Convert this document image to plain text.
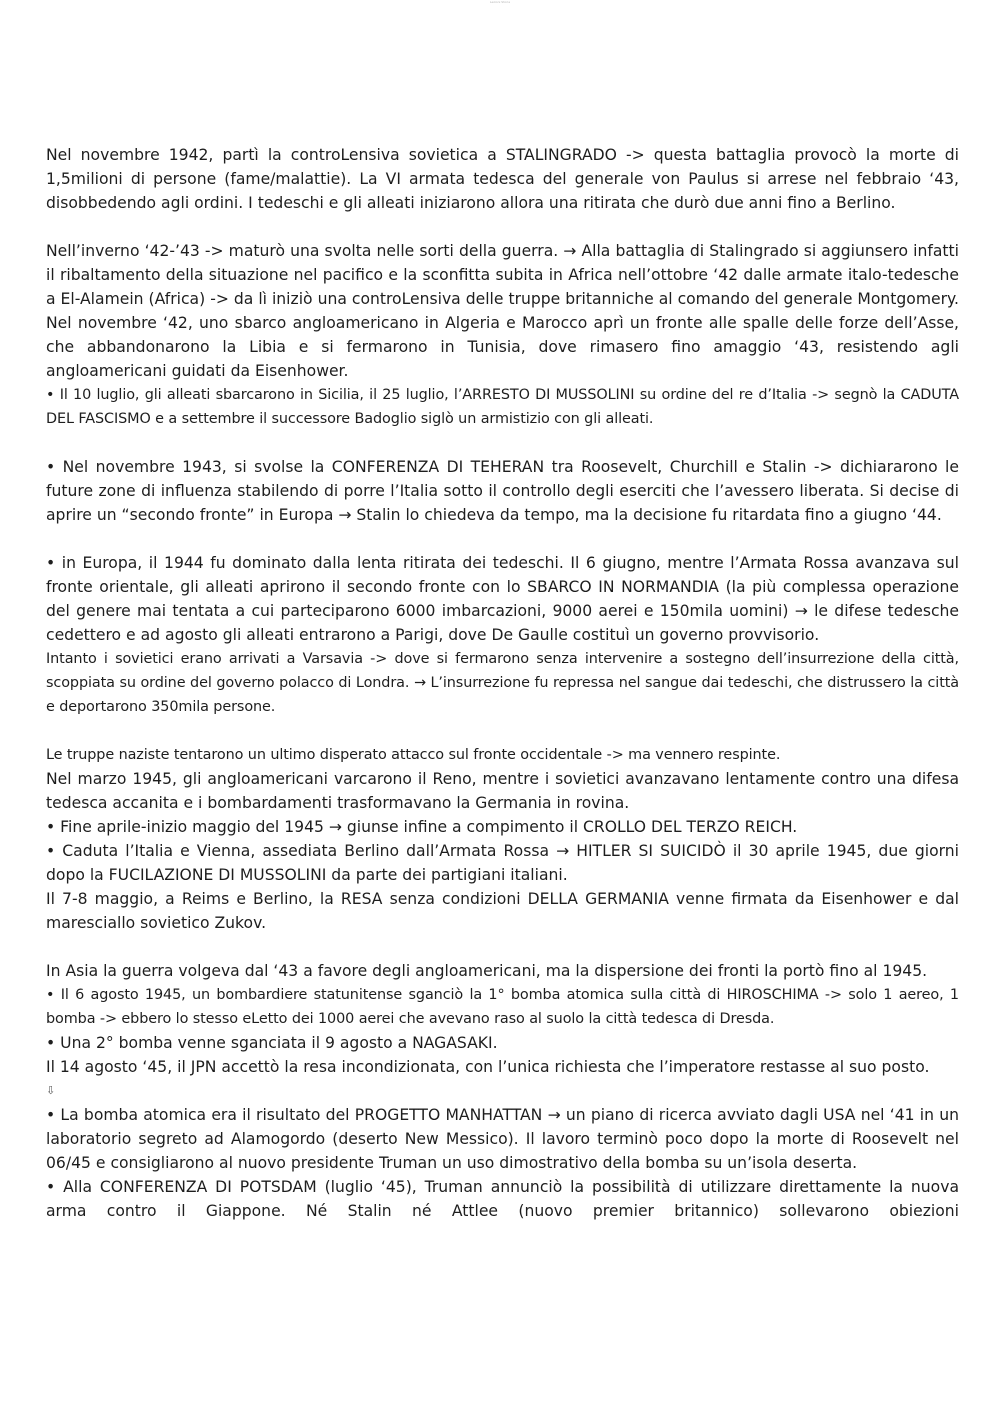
Lezioni Storia

Nel novembre 1942, partì la controLensiva sovietica a STALINGRADO -> questa battaglia provocò la morte di 1,5milioni di persone (fame/malattie). La VI armata tedesca del generale von Paulus si arrese nel febbraio ‘43, disobbedendo agli ordini. I tedeschi e gli alleati iniziarono allora una ritirata che durò due anni fino a Berlino.

Nell’inverno ‘42-’43 -> maturò una svolta nelle sorti della guerra. → Alla battaglia di Stalingrado si aggiunsero infatti il ribaltamento della situazione nel pacifico e la sconfitta subita in Africa nell’ottobre ‘42 dalle armate italo-tedesche a El-Alamein (Africa) -> da lì iniziò una controLensiva delle truppe britanniche al comando del generale Montgomery. Nel novembre ‘42, uno sbarco angloamericano in Algeria e Marocco aprì un fronte alle spalle delle forze dell’Asse, che abbandonarono la Libia e si fermarono in Tunisia, dove rimasero fino amaggio ‘43, resistendo agli angloamericani guidati da Eisenhower.

• Il 10 luglio, gli alleati sbarcarono in Sicilia, il 25 luglio, l’ARRESTO DI MUSSOLINI su ordine del re d’Italia -> segnò la CADUTA DEL FASCISMO e a settembre il successore Badoglio siglò un armistizio con gli alleati.

• Nel novembre 1943, si svolse la CONFERENZA DI TEHERAN tra Roosevelt, Churchill e Stalin -> dichiararono le future zone di influenza stabilendo di porre l’Italia sotto il controllo degli eserciti che l’avessero liberata. Si decise di aprire un “secondo fronte” in Europa → Stalin lo chiedeva da tempo, ma la decisione fu ritardata fino a giugno ‘44.

• in Europa, il 1944 fu dominato dalla lenta ritirata dei tedeschi. Il 6 giugno, mentre l’Armata Rossa avanzava sul fronte orientale, gli alleati aprirono il secondo fronte con lo SBARCO IN NORMANDIA (la più complessa operazione del genere mai tentata a cui parteciparono 6000 imbarcazioni, 9000 aerei e 150mila uomini) → le difese tedesche cedettero e ad agosto gli alleati entrarono a Parigi, dove De Gaulle costituì un governo provvisorio.

Intanto i sovietici erano arrivati a Varsavia -> dove si fermarono senza intervenire a sostegno dell’insurrezione della città, scoppiata su ordine del governo polacco di Londra. → L’insurrezione fu repressa nel sangue dai tedeschi, che distrussero la città e deportarono 350mila persone.

Le truppe naziste tentarono un ultimo disperato attacco sul fronte occidentale -> ma vennero respinte.

Nel marzo 1945, gli angloamericani varcarono il Reno, mentre i sovietici avanzavano lentamente contro una difesa tedesca accanita e i bombardamenti trasformavano la Germania in rovina.

• Fine aprile-inizio maggio del 1945 → giunse infine a compimento il CROLLO DEL TERZO REICH.

• Caduta l’Italia e Vienna, assediata Berlino dall’Armata Rossa → HITLER SI SUICIDÒ il 30 aprile 1945, due giorni dopo la FUCILAZIONE DI MUSSOLINI da parte dei partigiani italiani.

Il 7-8 maggio, a Reims e Berlino, la RESA senza condizioni DELLA GERMANIA venne firmata da Eisenhower e dal maresciallo sovietico Zukov.

In Asia la guerra volgeva dal ‘43 a favore degli angloamericani, ma la dispersione dei fronti la portò fino al 1945.

• Il 6 agosto 1945, un bombardiere statunitense sganciò la 1° bomba atomica sulla città di HIROSCHIMA -> solo 1 aereo, 1 bomba -> ebbero lo stesso eLetto dei 1000 aerei che avevano raso al suolo la città tedesca di Dresda.

• Una 2° bomba venne sganciata il 9 agosto a NAGASAKI.

Il 14 agosto ‘45, il JPN accettò la resa incondizionata, con l’unica richiesta che l’imperatore restasse al suo posto.

⇩

• La bomba atomica era il risultato del PROGETTO MANHATTAN → un piano di ricerca avviato dagli USA nel ‘41 in un laboratorio segreto ad Alamogordo (deserto New Messico). Il lavoro terminò poco dopo la morte di Roosevelt nel 06/45 e consigliarono al nuovo presidente Truman un uso dimostrativo della bomba su un’isola deserta.

• Alla CONFERENZA DI POTSDAM (luglio ‘45), Truman annunciò la possibilità di utilizzare direttamente la nuova arma contro il Giappone. Né Stalin né Attlee (nuovo premier britannico) sollevarono obiezioni
